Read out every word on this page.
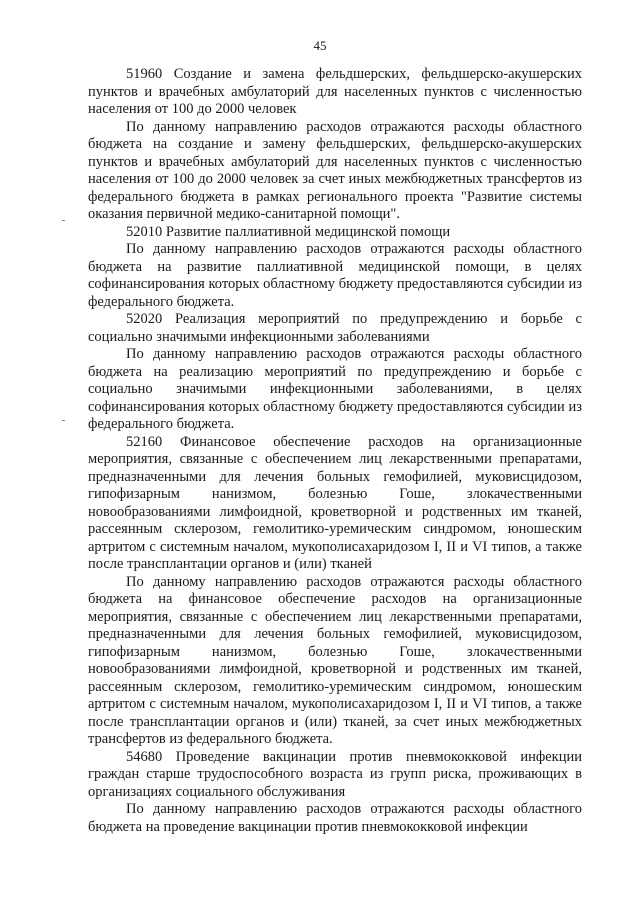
45

51960 Создание и замена фельдшерских, фельдшерско-акушерских пунктов и врачебных амбулаторий для населенных пунктов с численностью населения от 100 до 2000 человек

По данному направлению расходов отражаются расходы областного бюджета на создание и замену фельдшерских, фельдшерско-акушерских пунктов и врачебных амбулаторий для населенных пунктов с численностью населения от 100 до 2000 человек за счет иных межбюджетных трансфертов из федерального бюджета в рамках регионального проекта "Развитие системы оказания первичной медико-санитарной помощи".

52010 Развитие паллиативной медицинской помощи

По данному направлению расходов отражаются расходы областного бюджета на развитие паллиативной медицинской помощи, в целях софинансирования которых областному бюджету предоставляются субсидии из федерального бюджета.

52020 Реализация мероприятий по предупреждению и борьбе с социально значимыми инфекционными заболеваниями

По данному направлению расходов отражаются расходы областного бюджета на реализацию мероприятий по предупреждению и борьбе с социально значимыми инфекционными заболеваниями, в целях софинансирования которых областному бюджету предоставляются субсидии из федерального бюджета.

52160 Финансовое обеспечение расходов на организационные мероприятия, связанные с обеспечением лиц лекарственными препаратами, предназначенными для лечения больных гемофилией, муковисцидозом, гипофизарным нанизмом, болезнью Гоше, злокачественными новообразованиями лимфоидной, кроветворной и родственных им тканей, рассеянным склерозом, гемолитико-уремическим синдромом, юношеским артритом с системным началом, мукополисахаридозом I, II и VI типов, а также после трансплантации органов и (или) тканей

По данному направлению расходов отражаются расходы областного бюджета на финансовое обеспечение расходов на организационные мероприятия, связанные с обеспечением лиц лекарственными препаратами, предназначенными для лечения больных гемофилией, муковисцидозом, гипофизарным нанизмом, болезнью Гоше, злокачественными новообразованиями лимфоидной, кроветворной и родственных им тканей, рассеянным склерозом, гемолитико-уремическим синдромом, юношеским артритом с системным началом, мукополисахаридозом I, II и VI типов, а также после трансплантации органов и (или) тканей, за счет иных межбюджетных трансфертов из федерального бюджета.

54680 Проведение вакцинации против пневмококковой инфекции граждан старше трудоспособного возраста из групп риска, проживающих в организациях социального обслуживания

По данному направлению расходов отражаются расходы областного бюджета на проведение вакцинации против пневмококковой инфекции
